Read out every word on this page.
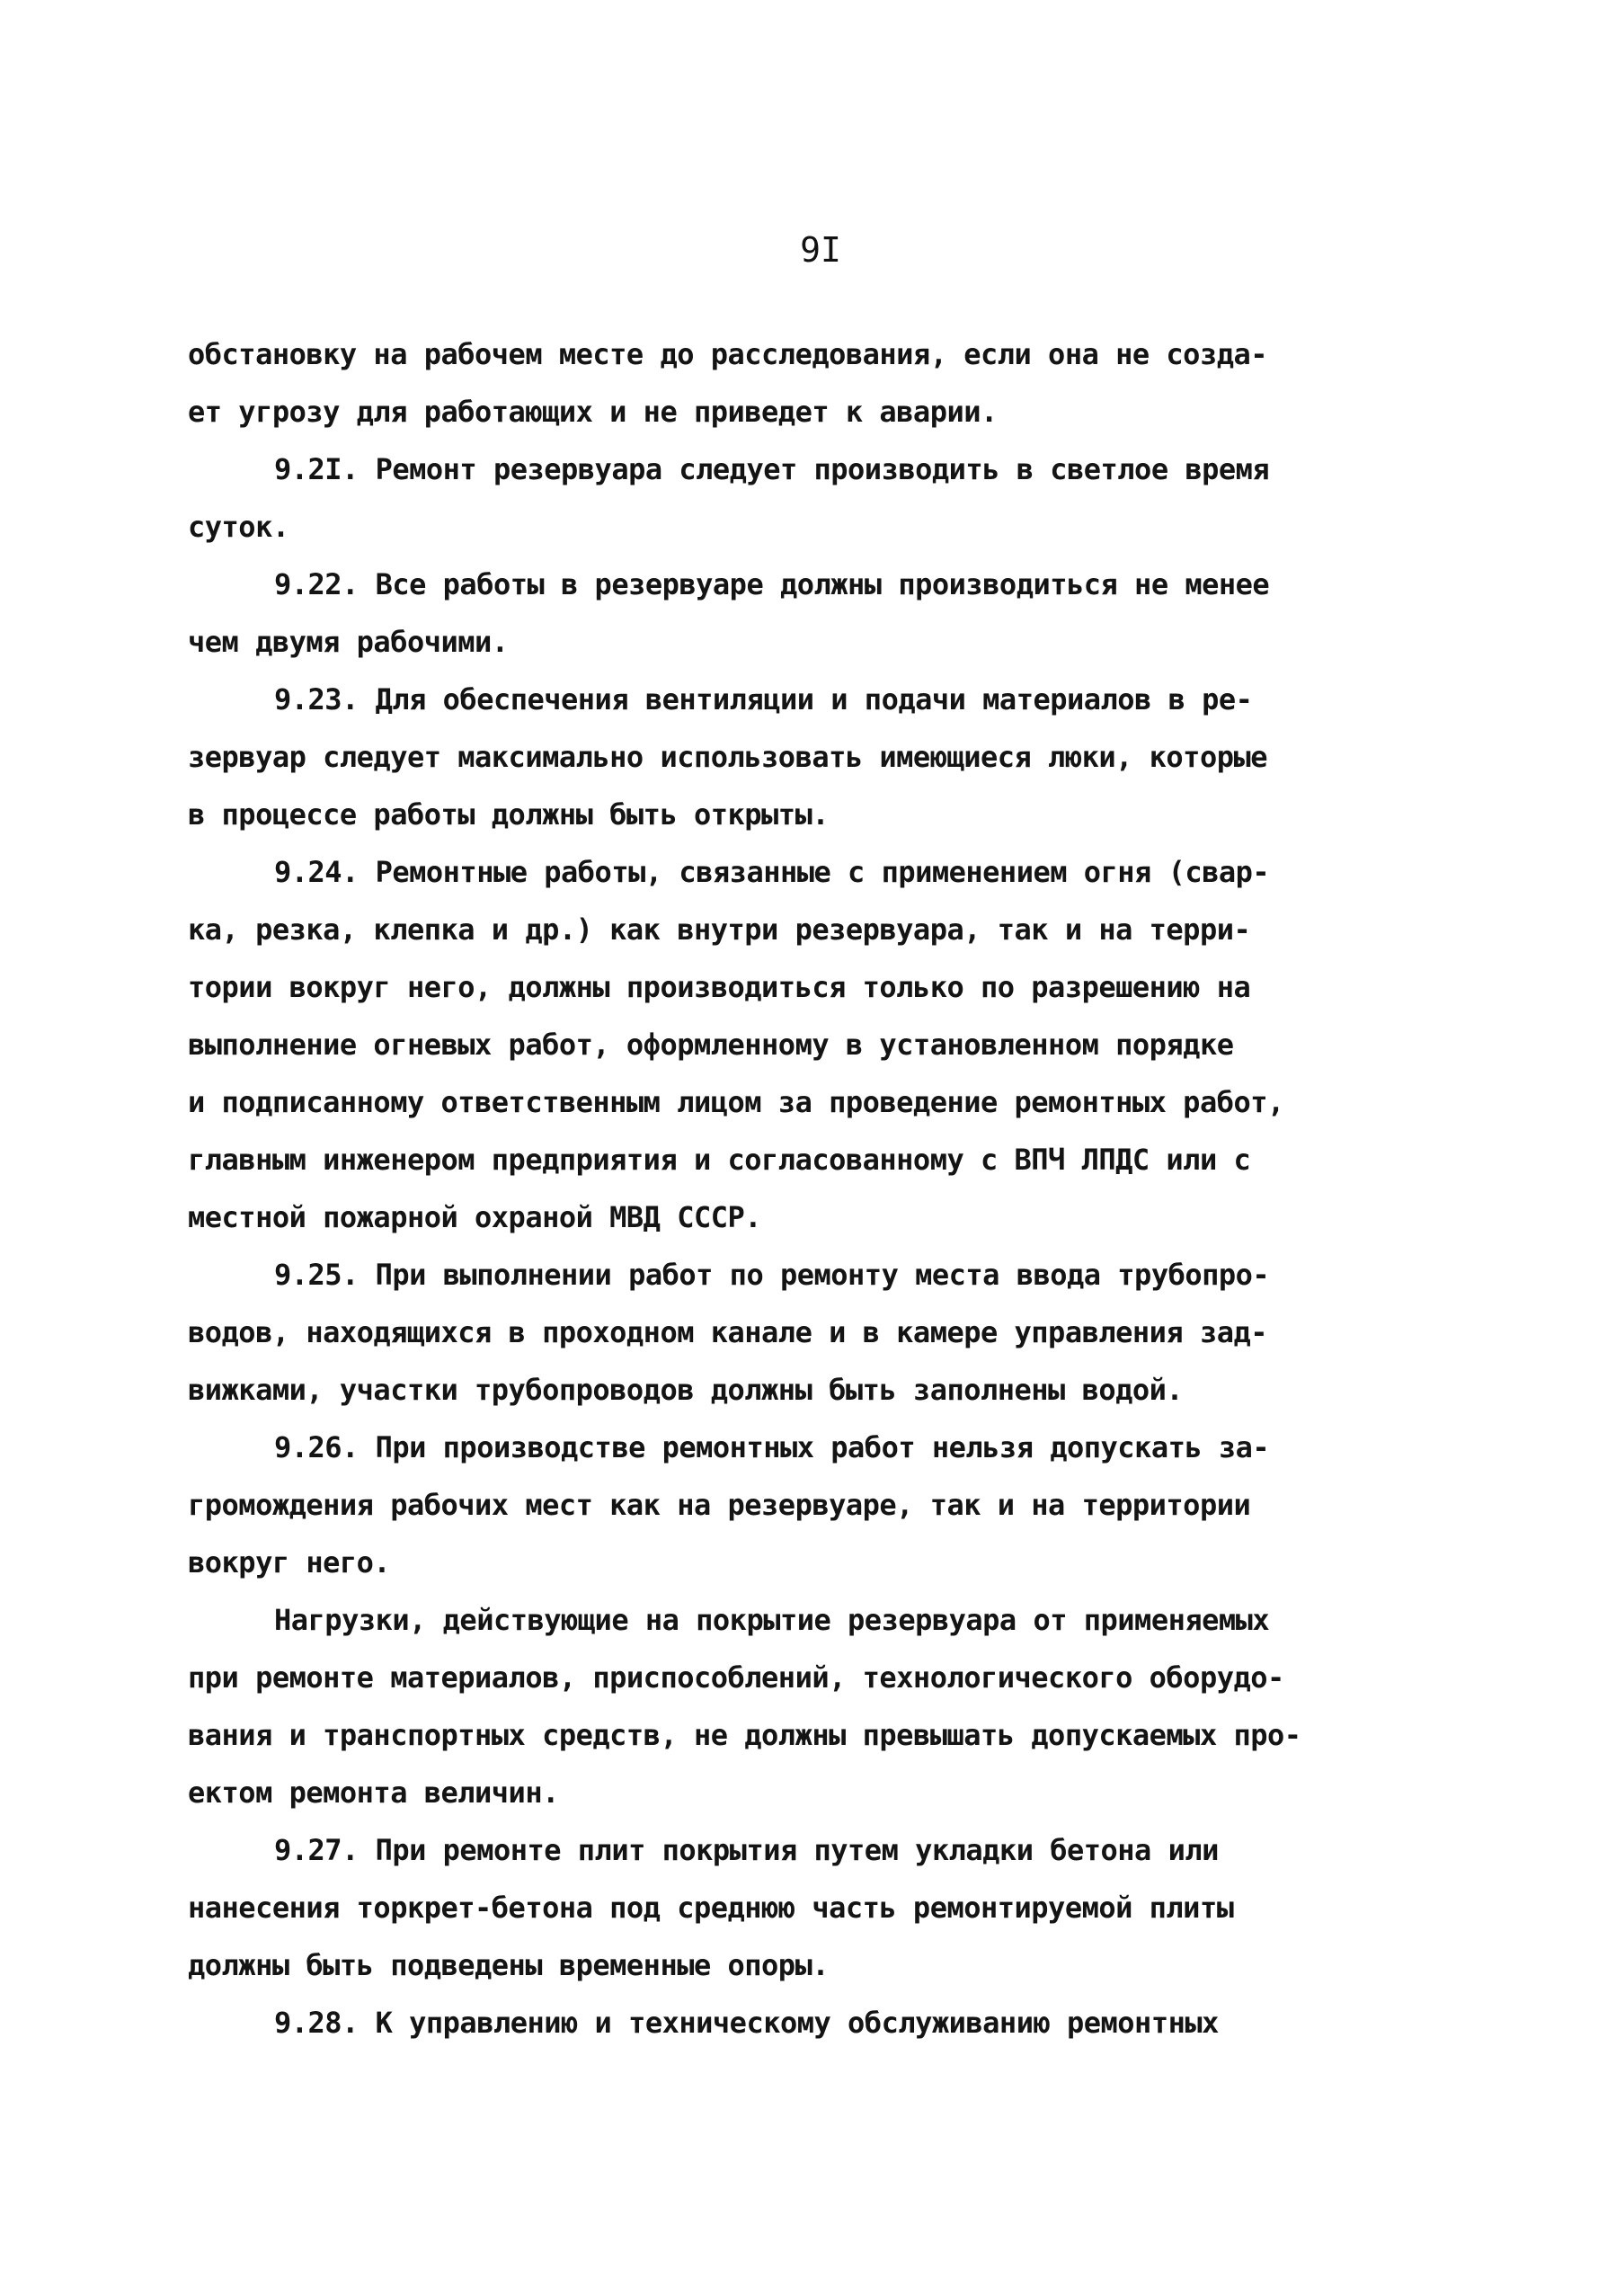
9I
обстановку на рабочем месте до расследования, если она не созда-
ет угрозу для работающих и не приведет к аварии.
9.2I. Ремонт резервуара следует производить в светлое время
суток.
9.22. Все работы в резервуаре должны производиться не менее
чем двумя рабочими.
9.23. Для обеспечения вентиляции и подачи материалов в ре-
зервуар следует максимально использовать имеющиеся люки, которые
в процессе работы должны быть открыты.
9.24. Ремонтные работы, связанные с применением огня (свар-
ка, резка, клепка и др.) как внутри резервуара, так и на терри-
тории вокруг него, должны производиться только по разрешению на
выполнение огневых работ, оформленному в установленном порядке
и подписанному ответственным лицом за проведение ремонтных работ,
главным инженером предприятия и согласованному с ВПЧ ЛПДС или с
местной пожарной охраной МВД СССР.
9.25. При выполнении работ по ремонту места ввода трубопро-
водов, находящихся в проходном канале и в камере управления зад-
вижками, участки трубопроводов должны быть заполнены водой.
9.26. При производстве ремонтных работ нельзя допускать за-
громождения рабочих мест как на резервуаре, так и на территории
вокруг него.
Нагрузки, действующие на покрытие резервуара от применяемых
при ремонте материалов, приспособлений, технологического оборудо-
вания и транспортных средств, не должны превышать допускаемых про-
ектом ремонта величин.
9.27. При ремонте плит покрытия путем укладки бетона или
нанесения торкрет-бетона под среднюю часть ремонтируемой плиты
должны быть подведены временные опоры.
9.28. К управлению и техническому обслуживанию ремонтных
